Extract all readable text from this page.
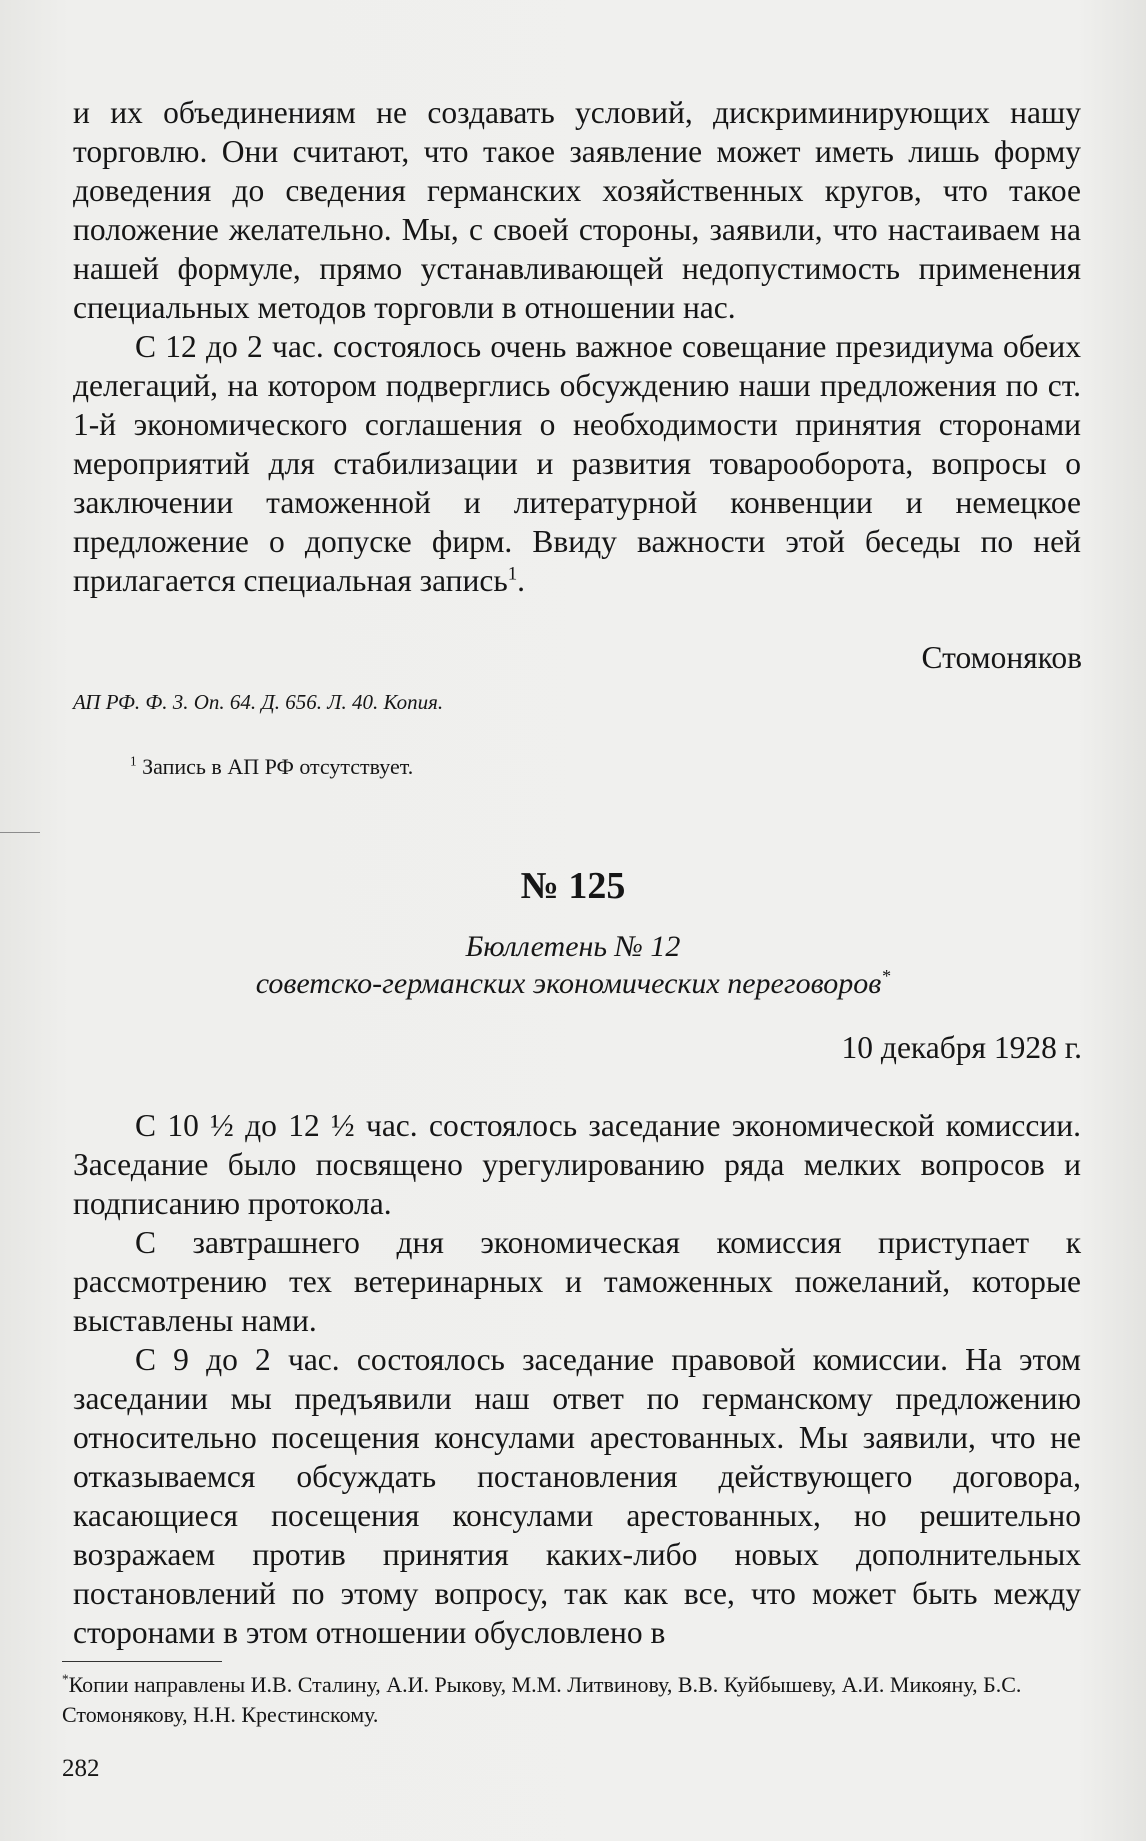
и их объединениям не создавать условий, дискриминирующих нашу торговлю. Они считают, что такое заявление может иметь лишь форму доведения до сведения германских хозяйственных кругов, что такое положение желательно. Мы, с своей стороны, заявили, что настаиваем на нашей формуле, прямо устанавливающей недопустимость применения специальных методов торговли в отношении нас.

С 12 до 2 час. состоялось очень важное совещание президиума обеих делегаций, на котором подверглись обсуждению наши предложения по ст. 1-й экономического соглашения о необходимости принятия сторонами мероприятий для стабилизации и развития товарооборота, вопросы о заключении таможенной и литературной конвенции и немецкое предложение о допуске фирм. Ввиду важности этой беседы по ней прилагается специальная запись$^1$.

Стомоняков
АП РФ. Ф. 3. Оп. 64. Д. 656. Л. 40. Копия.
$^1$ Запись в АП РФ отсутствует.
№ 125
Бюллетень № 12
советско-германских экономических переговоров*
10 декабря 1928 г.

С 10 ½ до 12 ½ час. состоялось заседание экономической комиссии. Заседание было посвящено урегулированию ряда мелких вопросов и подписанию протокола.

С завтрашнего дня экономическая комиссия приступает к рассмотрению тех ветеринарных и таможенных пожеланий, которые выставлены нами.

С 9 до 2 час. состоялось заседание правовой комиссии. На этом заседании мы предъявили наш ответ по германскому предложению относительно посещения консулами арестованных. Мы заявили, что не отказываемся обсуждать постановления действующего договора, касающиеся посещения консулами арестованных, но решительно возражаем против принятия каких-либо новых дополнительных постановлений по этому вопросу, так как все, что может быть между сторонами в этом отношении обусловлено в

*Копии направлены И.В. Сталину, А.И. Рыкову, М.М. Литвинову, В.В. Куйбышеву, А.И. Микояну, Б.С. Стомонякову, Н.Н. Крестинскому.
282
